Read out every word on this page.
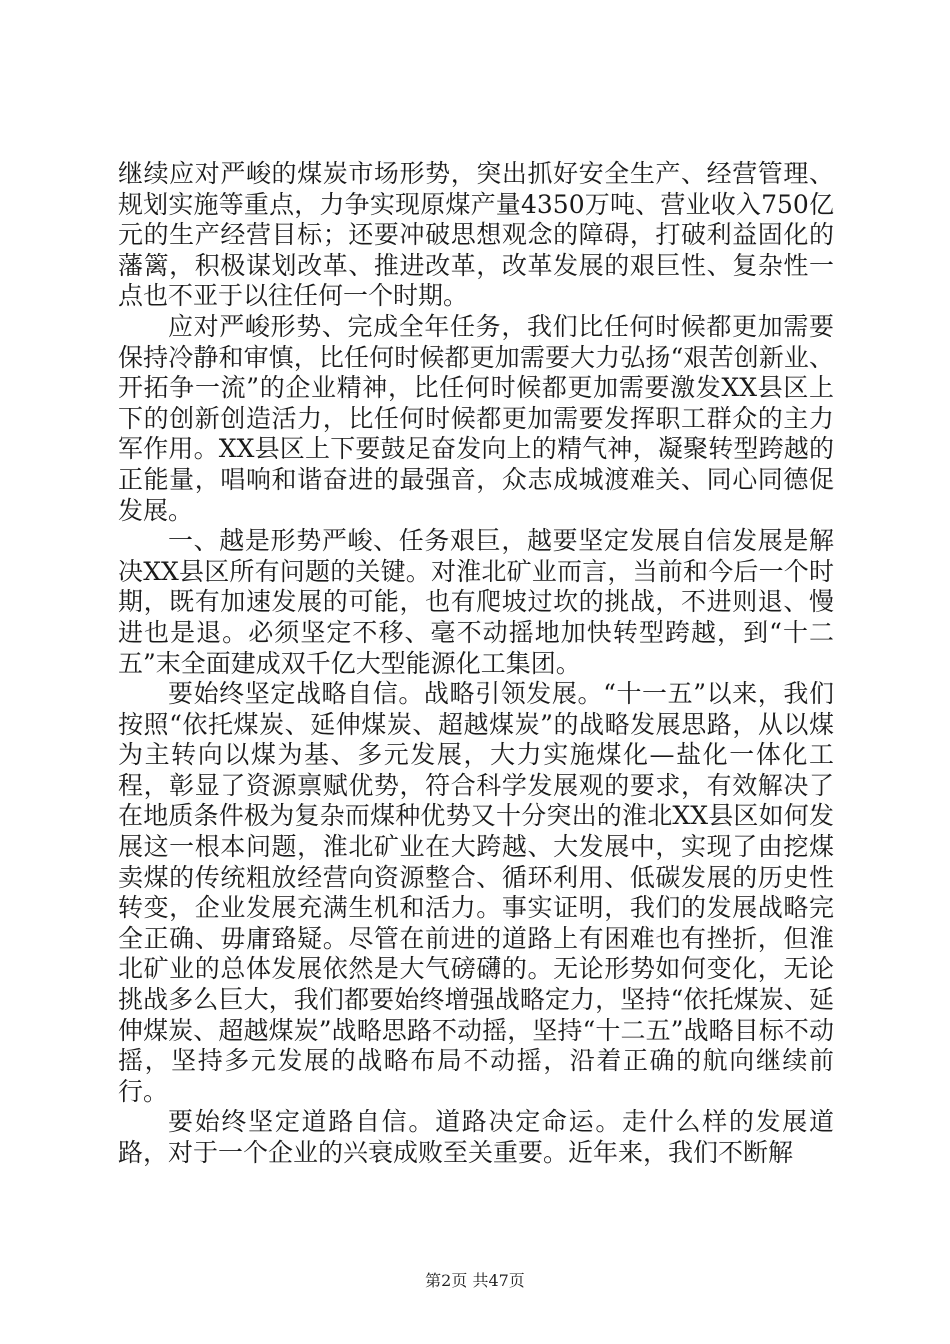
继续应对严峻的煤炭市场形势，突出抓好安全生产、经营管理、规划实施等重点，力争实现原煤产量4350万吨、营业收入750亿元的生产经营目标；还要冲破思想观念的障碍，打破利益固化的藩篱，积极谋划改革、推进改革，改革发展的艰巨性、复杂性一点也不亚于以往任何一个时期。

应对严峻形势、完成全年任务，我们比任何时候都更加需要保持冷静和审慎，比任何时候都更加需要大力弘扬“艰苦创新业、开拓争一流”的企业精神，比任何时候都更加需要激发XX县区上下的创新创造活力，比任何时候都更加需要发挥职工群众的主力军作用。XX县区上下要鼓足奋发向上的精气神，凝聚转型跨越的正能量，唱响和谐奋进的最强音，众志成城渡难关、同心同德促发展。

一、越是形势严峻、任务艰巨，越要坚定发展自信发展是解决XX县区所有问题的关键。对淮北矿业而言，当前和今后一个时期，既有加速发展的可能，也有爬坡过坎的挑战，不进则退、慢进也是退。必须坚定不移、毫不动摇地加快转型跨越，到“十二五”末全面建成双千亿大型能源化工集团。

要始终坚定战略自信。战略引领发展。“十一五”以来，我们按照“依托煤炭、延伸煤炭、超越煤炭”的战略发展思路，从以煤为主转向以煤为基、多元发展，大力实施煤化—盐化一体化工程，彰显了资源禀赋优势，符合科学发展观的要求，有效解决了在地质条件极为复杂而煤种优势又十分突出的淮北XX县区如何发展这一根本问题，淮北矿业在大跨越、大发展中，实现了由挖煤卖煤的传统粗放经营向资源整合、循环利用、低碳发展的历史性转变，企业发展充满生机和活力。事实证明，我们的发展战略完全正确、毋庸臵疑。尽管在前进的道路上有困难也有挫折，但淮北矿业的总体发展依然是大气磅礴的。无论形势如何变化，无论挑战多么巨大，我们都要始终增强战略定力，坚持“依托煤炭、延伸煤炭、超越煤炭”战略思路不动摇，坚持“十二五”战略目标不动摇，坚持多元发展的战略布局不动摇，沿着正确的航向继续前行。

要始终坚定道路自信。道路决定命运。走什么样的发展道路，对于一个企业的兴衰成败至关重要。近年来，我们不断解

第2页 共47页
